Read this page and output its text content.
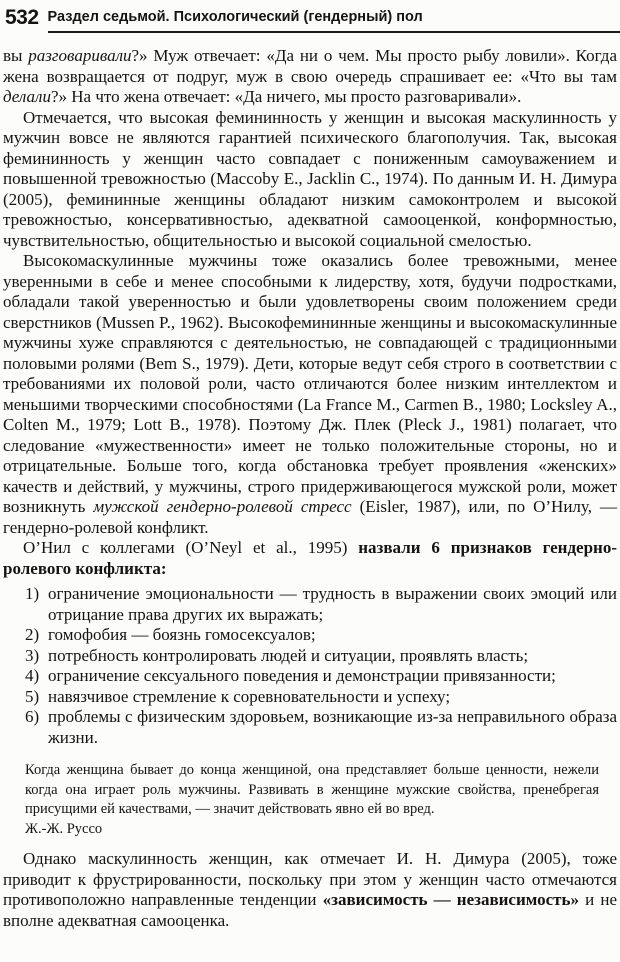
532 Раздел седьмой. Психологический (гендерный) пол

вы разговаривали?» Муж отвечает: «Да ни о чем. Мы просто рыбу ловили». Когда жена возвращается от подруг, муж в свою очередь спрашивает ее: «Что вы там делали?» На что жена отвечает: «Да ничего, мы просто разговаривали».

Отмечается, что высокая фемининность у женщин и высокая маскулинность у мужчин вовсе не являются гарантией психического благополучия. Так, высокая фемининность у женщин часто совпадает с пониженным самоуважением и повышенной тревожностью (Maccoby E., Jacklin C., 1974). По данным И. Н. Димура (2005), фемининные женщины обладают низким самоконтролем и высокой тревожностью, консервативностью, адекватной самооценкой, конформностью, чувствительностью, общительностью и высокой социальной смелостью.

Высокомаскулинные мужчины тоже оказались более тревожными, менее уверенными в себе и менее способными к лидерству, хотя, будучи подростками, обладали такой уверенностью и были удовлетворены своим положением среди сверстников (Mussen P., 1962). Высокофемининные женщины и высокомаскулинные мужчины хуже справляются с деятельностью, не совпадающей с традиционными половыми ролями (Bem S., 1979). Дети, которые ведут себя строго в соответствии с требованиями их половой роли, часто отличаются более низким интеллектом и меньшими творческими способностями (La France M., Carmen B., 1980; Locksley A., Colten M., 1979; Lott B., 1978). Поэтому Дж. Плек (Pleck J., 1981) полагает, что следование «мужественности» имеет не только положительные стороны, но и отрицательные. Больше того, когда обстановка требует проявления «женских» качеств и действий, у мужчины, строго придерживающегося мужской роли, может возникнуть мужской гендерно-ролевой стресс (Eisler, 1987), или, по О’Нилу, — гендерно-ролевой конфликт.

О’Нил с коллегами (O’Neyl et al., 1995) назвали 6 признаков гендерно-ролевого конфликта:

1) ограничение эмоциональности — трудность в выражении своих эмоций или отрицание права других их выражать;
2) гомофобия — боязнь гомосексуалов;
3) потребность контролировать людей и ситуации, проявлять власть;
4) ограничение сексуального поведения и демонстрации привязанности;
5) навязчивое стремление к соревновательности и успеху;
6) проблемы с физическим здоровьем, возникающие из-за неправильного образа жизни.

Когда женщина бывает до конца женщиной, она представляет больше ценности, нежели когда она играет роль мужчины. Развивать в женщине мужские свойства, пренебрегая присущими ей качествами, — значит действовать явно ей во вред.

Ж.-Ж. Руссо

Однако маскулинность женщин, как отмечает И. Н. Димура (2005), тоже приводит к фрустрированности, поскольку при этом у женщин часто отмечаются противоположно направленные тенденции «зависимость — независимость» и не вполне адекватная самооценка.
